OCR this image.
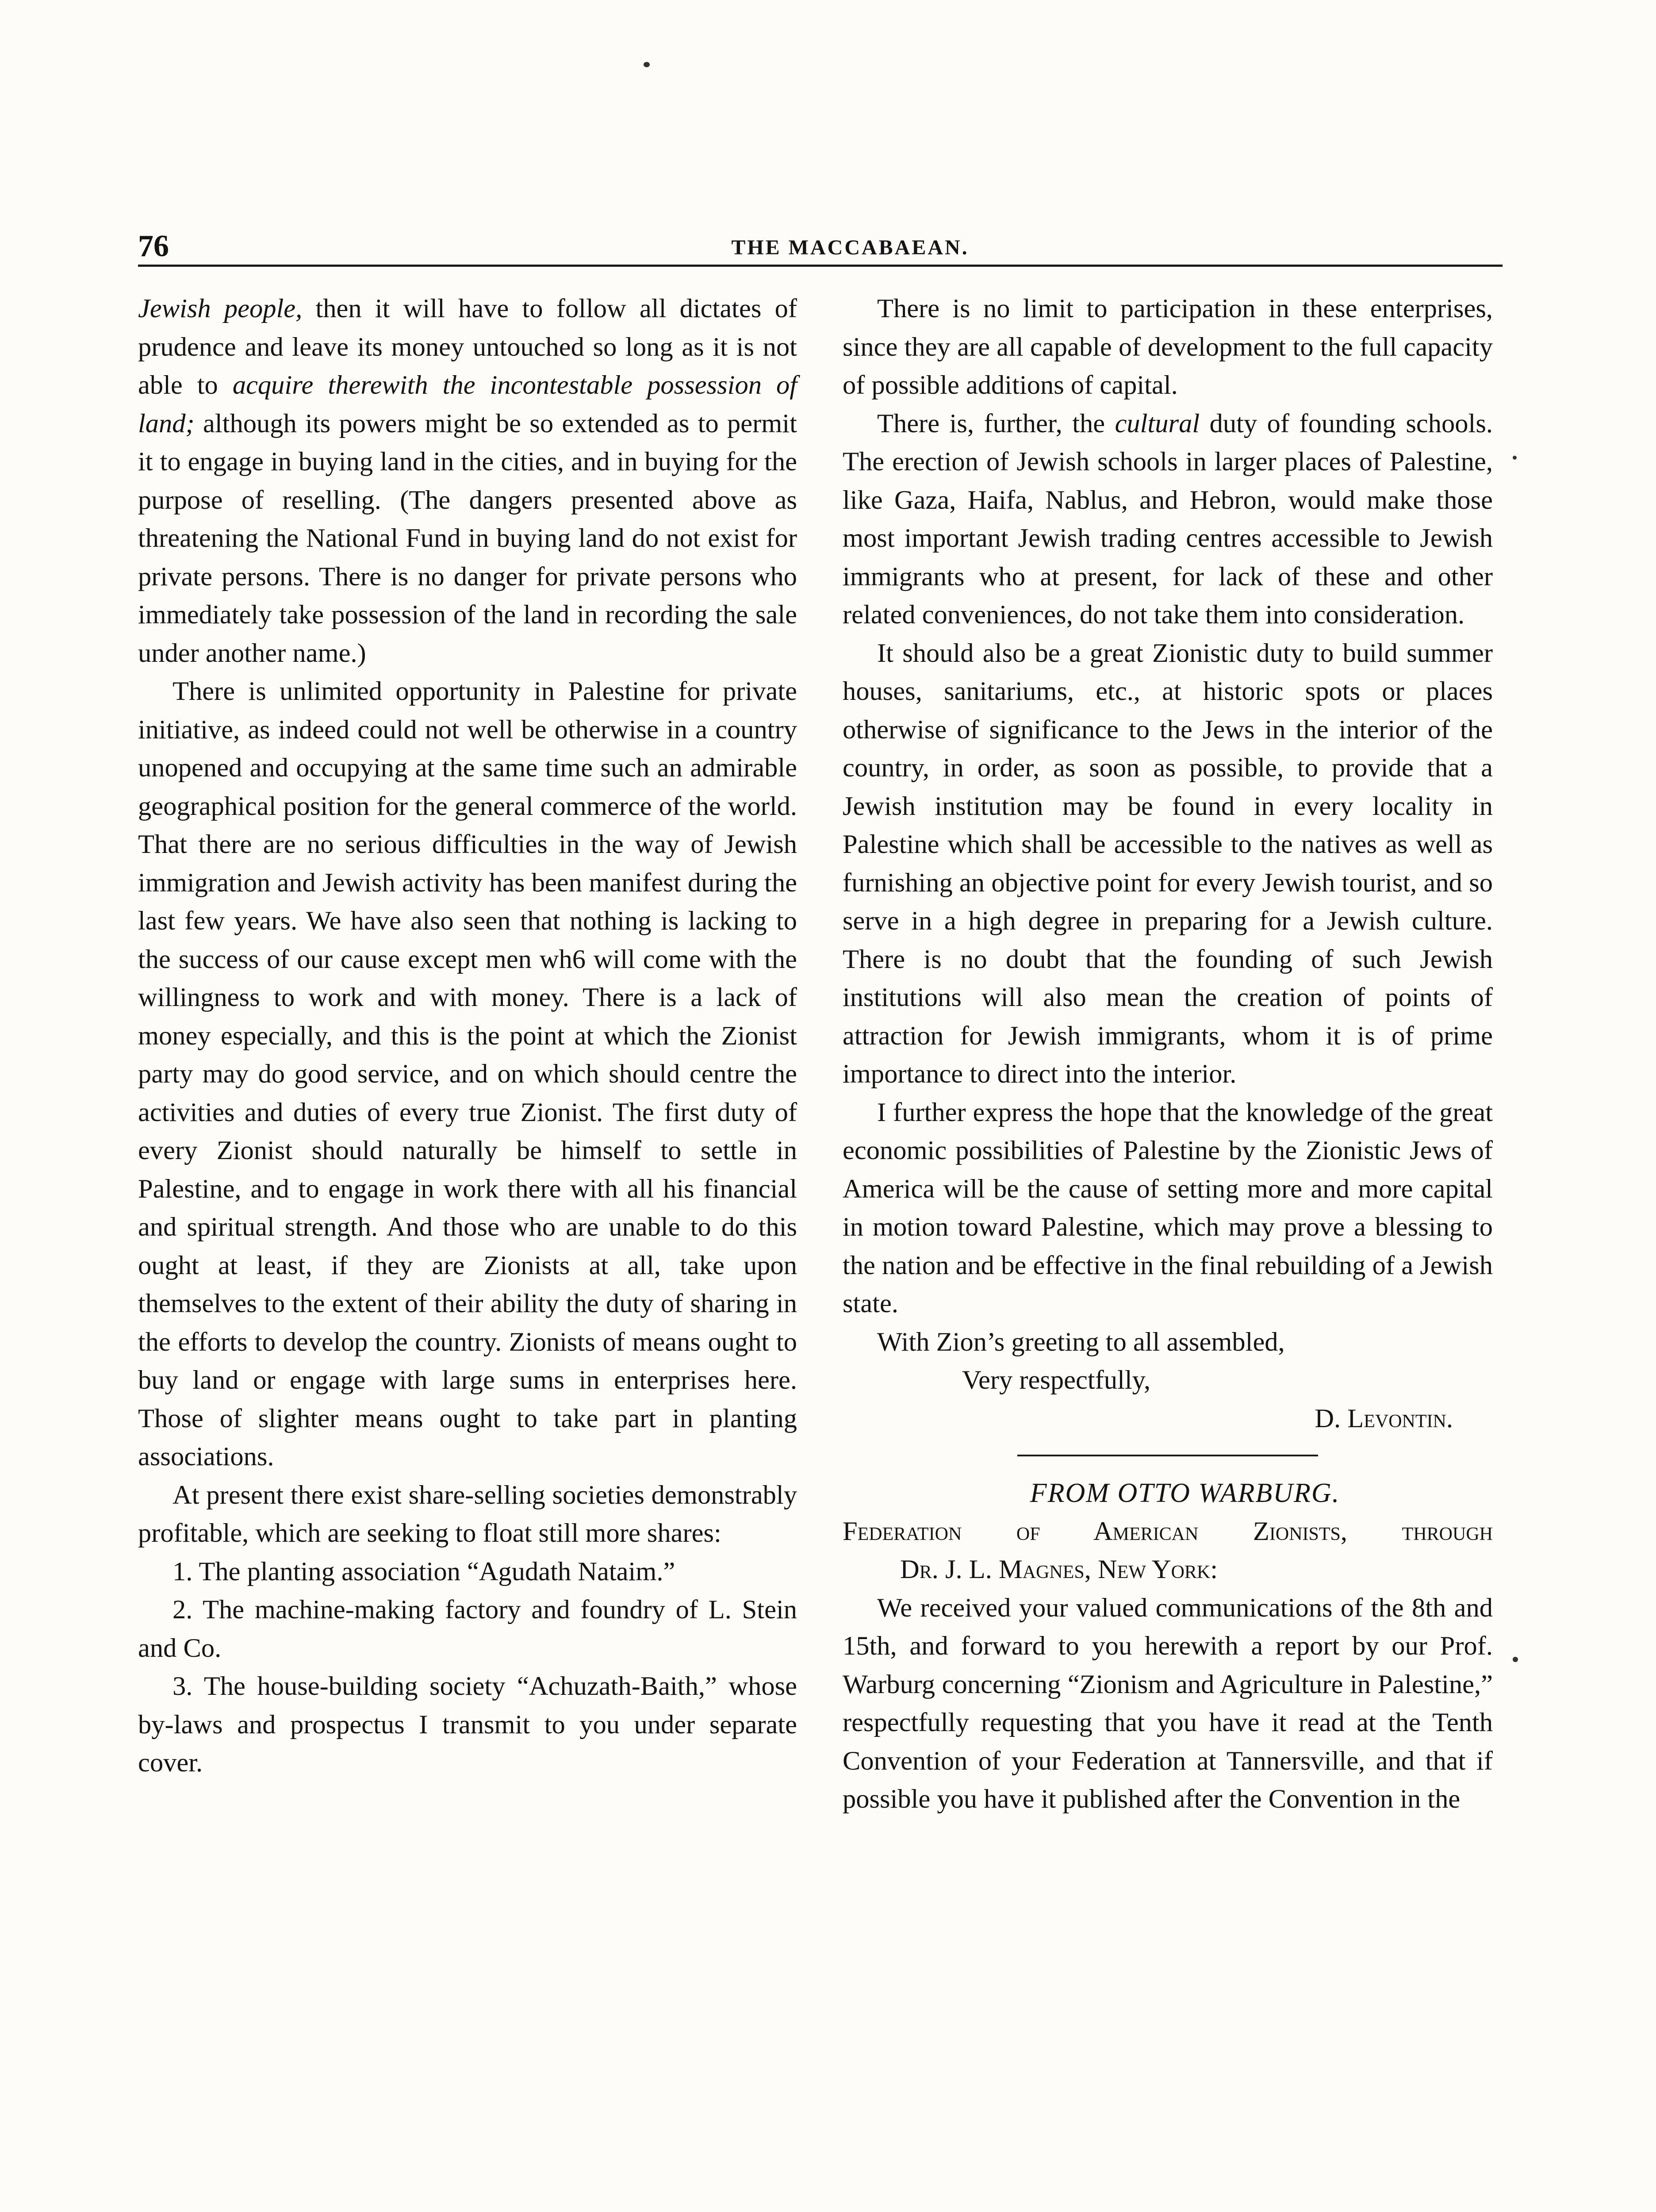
76	THE MACCABAEAN.

Jewish people, then it will have to follow all dictates of prudence and leave its money untouched so long as it is not able to acquire therewith the incontestable possession of land; although its powers might be so extended as to permit it to engage in buying land in the cities, and in buying for the purpose of reselling. (The dangers presented above as threatening the National Fund in buying land do not exist for private persons. There is no danger for private persons who immediately take possession of the land in recording the sale under another name.)

There is unlimited opportunity in Palestine for private initiative, as indeed could not well be otherwise in a country unopened and occupying at the same time such an admirable geographical position for the general commerce of the world. That there are no serious difficulties in the way of Jewish immigration and Jewish activity has been manifest during the last few years. We have also seen that nothing is lacking to the success of our cause except men wh6 will come with the willingness to work and with money. There is a lack of money especially, and this is the point at which the Zionist party may do good service, and on which should centre the activities and duties of every true Zionist. The first duty of every Zionist should naturally be himself to settle in Palestine, and to engage in work there with all his financial and spiritual strength. And those who are unable to do this ought at least, if they are Zionists at all, take upon themselves to the extent of their ability the duty of sharing in the efforts to develop the country. Zionists of means ought to buy land or engage with large sums in enterprises here. Those of slighter means ought to take part in planting associations.

At present there exist share-selling societies demonstrably profitable, which are seeking to float still more shares:

1. The planting association “Agudath Nataim.”

2. The machine-making factory and foundry of L. Stein and Co.

3. The house-building society “Achuzath-Baith,” whose by-laws and prospectus I transmit to you under separate cover.

There is no limit to participation in these enterprises, since they are all capable of development to the full capacity of possible additions of capital.

There is, further, the cultural duty of founding schools. The erection of Jewish schools in larger places of Palestine, like Gaza, Haifa, Nablus, and Hebron, would make those most important Jewish trading centres accessible to Jewish immigrants who at present, for lack of these and other related conveniences, do not take them into consideration.

It should also be a great Zionistic duty to build summer houses, sanitariums, etc., at historic spots or places otherwise of significance to the Jews in the interior of the country, in order, as soon as possible, to provide that a Jewish institution may be found in every locality in Palestine which shall be accessible to the natives as well as furnishing an objective point for every Jewish tourist, and so serve in a high degree in preparing for a Jewish culture. There is no doubt that the founding of such Jewish institutions will also mean the creation of points of attraction for Jewish immigrants, whom it is of prime importance to direct into the interior.

I further express the hope that the knowledge of the great economic possibilities of Palestine by the Zionistic Jews of America will be the cause of setting more and more capital in motion toward Palestine, which may prove a blessing to the nation and be effective in the final rebuilding of a Jewish state.

With Zion’s greeting to all assembled,
Very respectfully,
D. Levontin.

FROM OTTO WARBURG.

Federation of American Zionists, through
Dr. J. L. Magnes, New York:

We received your valued communications of the 8th and 15th, and forward to you herewith a report by our Prof. Warburg concerning “Zionism and Agriculture in Palestine,” respectfully requesting that you have it read at the Tenth Convention of your Federation at Tannersville, and that if possible you have it published after the Convention in the
